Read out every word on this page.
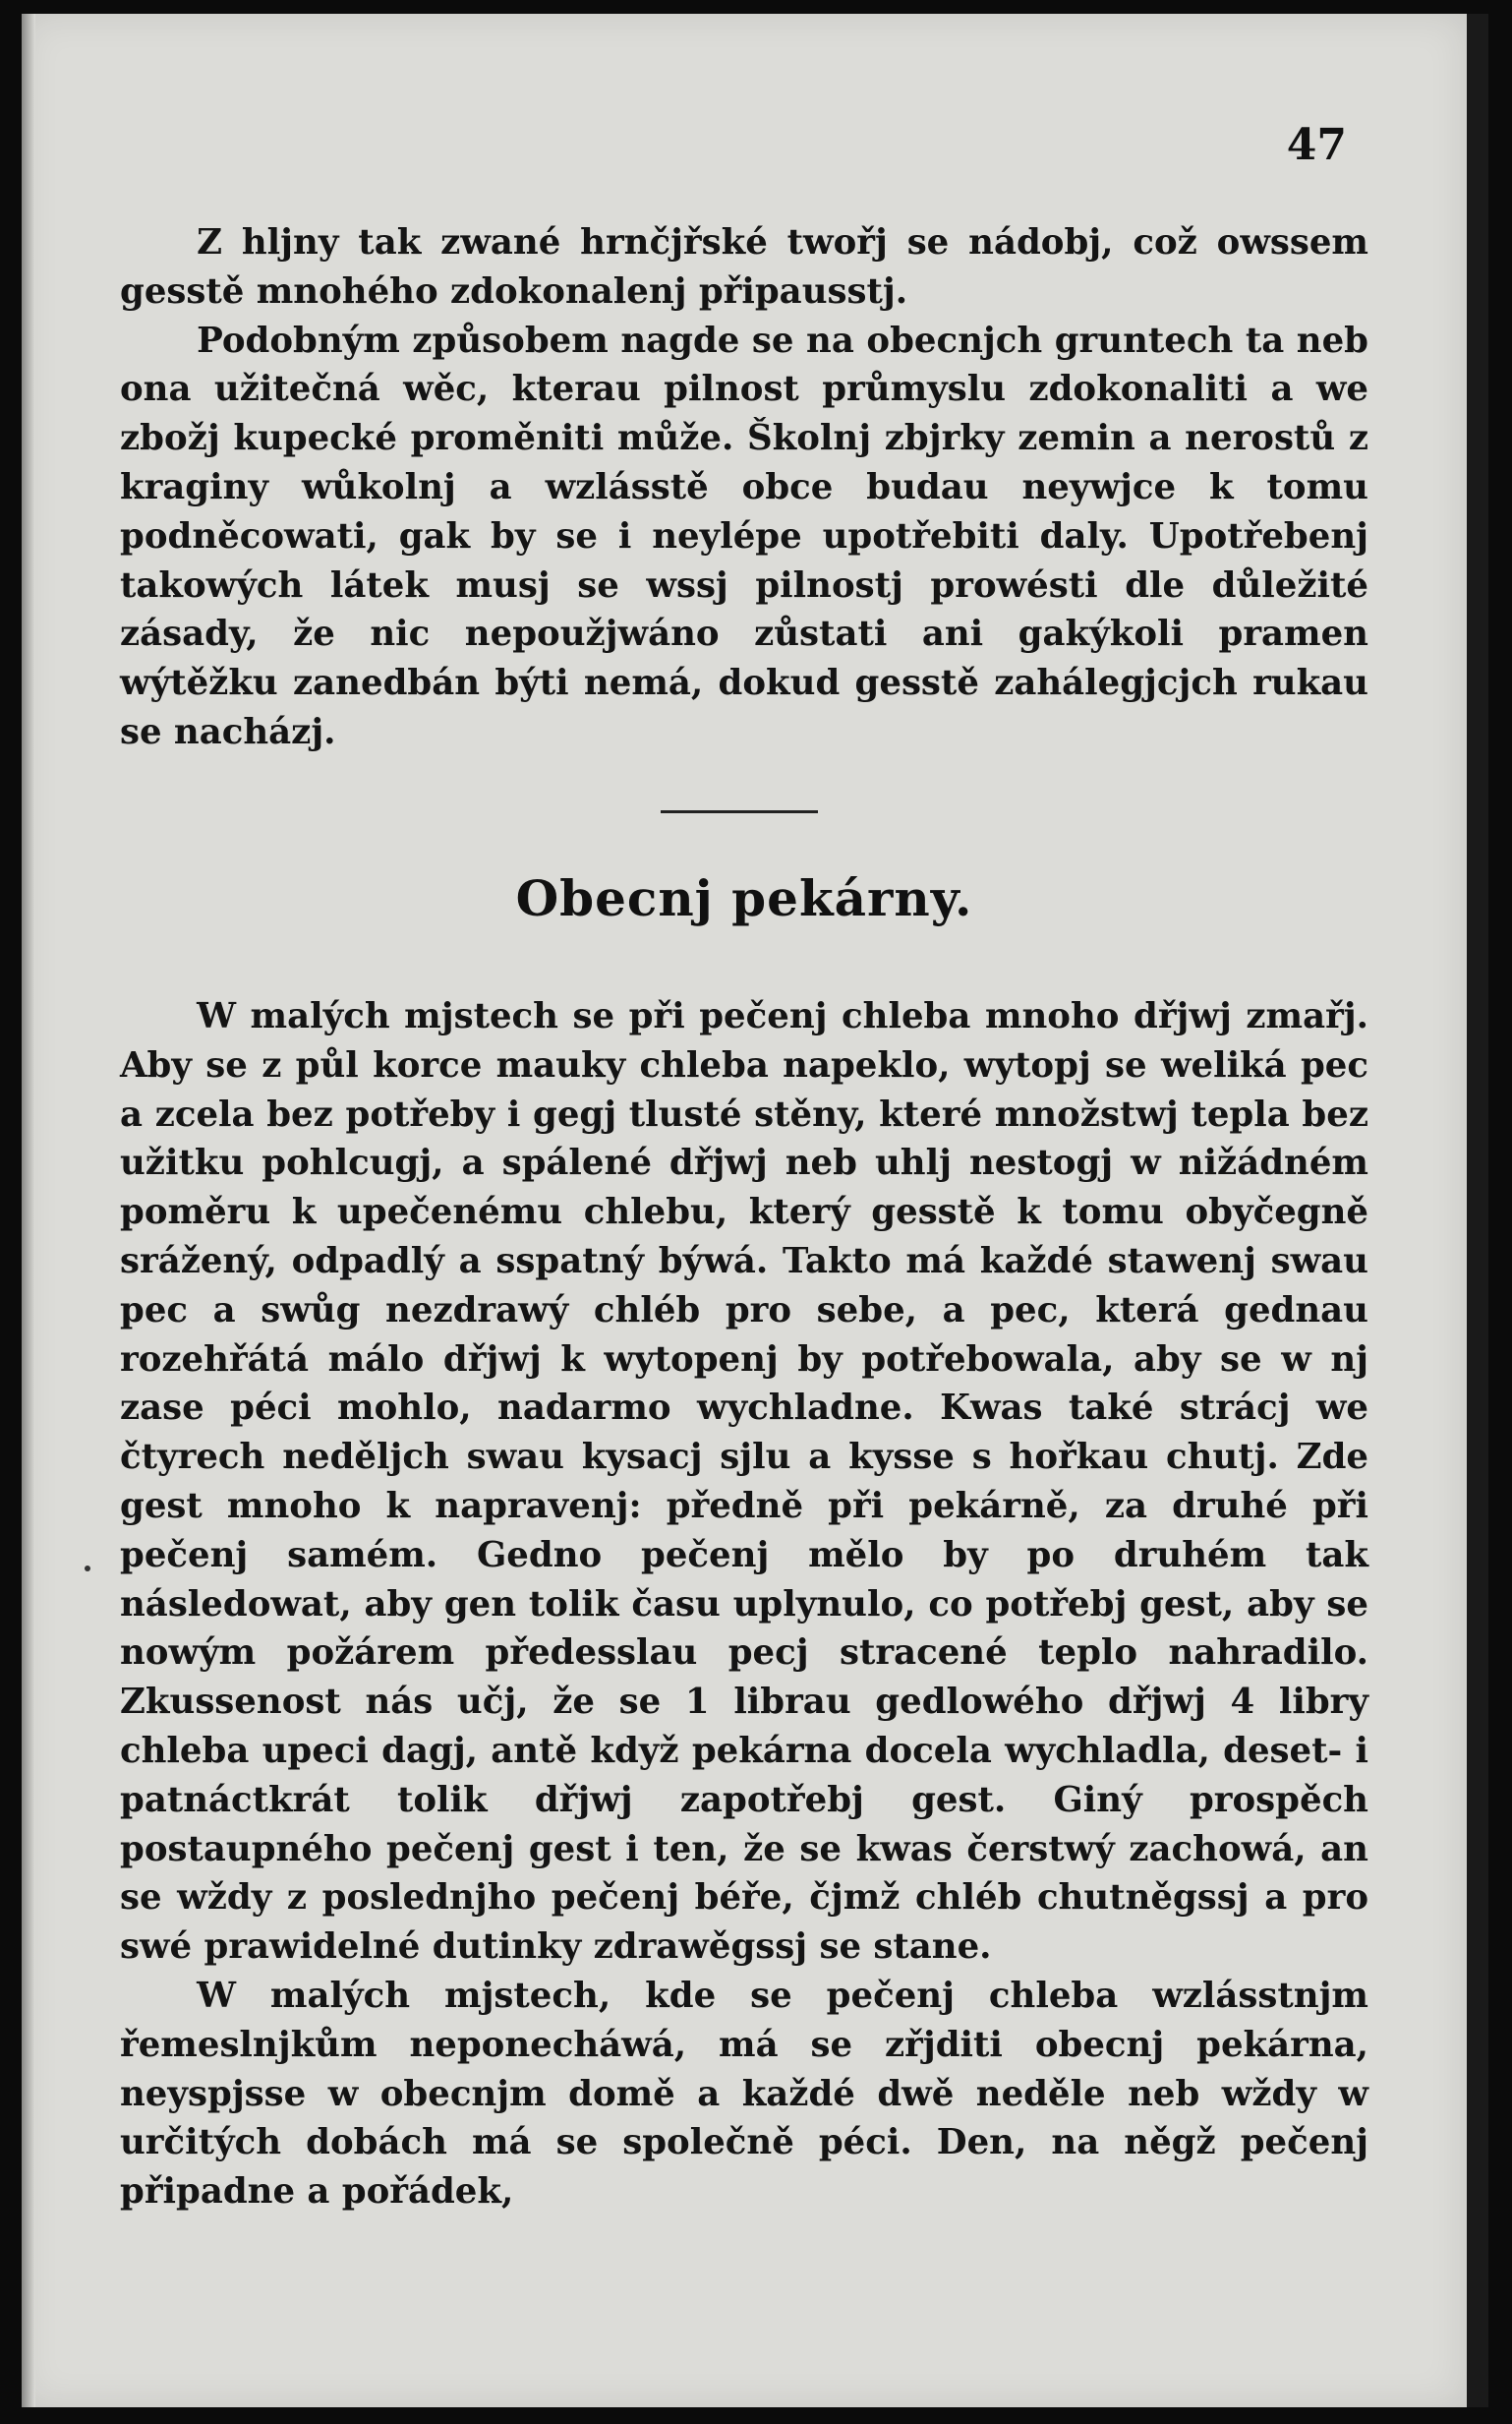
47

Z hljny tak zwané hrnčjřské twořj se nádobj, což owssem gesstě mnohého zdokonalenj připausstj.

Podobným způsobem nagde se na obecnjch gruntech ta neb ona užitečná wěc, kterau pilnost průmyslu zdokonaliti a we zbožj kupecké proměniti může. Školnj zbjrky zemin a nerostů z kraginy wůkolnj a wzlásstě obce budau neywjce k tomu podněcowati, gak by se i neylépe upotřebiti daly. Upotřebenj takowých látek musj se wssj pilnostj prowésti dle důležité zásady, že nic nepoužjwáno zůstati ani gakýkoli pramen wýtěžku zanedbán býti nemá, dokud gesstě zahálegjcjch rukau se nacházj.

Obecnj pekárny.

W malých mjstech se při pečenj chleba mnoho dřjwj zmařj. Aby se z půl korce mauky chleba napeklo, wytopj se weliká pec a zcela bez potřeby i gegj tlusté stěny, které množstwj tepla bez užitku pohlcugj, a spálené dřjwj neb uhlj nestogj w nižádném poměru k upečenému chlebu, který gesstě k tomu obyčegně srážený, odpadlý a sspatný býwá. Takto má každé stawenj swau pec a swůg nezdrawý chléb pro sebe, a pec, která gednau rozehřátá málo dřjwj k wytopenj by potřebowala, aby se w nj zase péci mohlo, nadarmo wychladne. Kwas také strácj we čtyrech neděljch swau kysacj sjlu a kysse s hořkau chutj. Zde gest mnoho k napravenj: předně při pekárně, za druhé při pečenj samém. Gedno pečenj mělo by po druhém tak následowat, aby gen tolik času uplynulo, co potřebj gest, aby se nowým požárem předesslau pecj stracené teplo nahradilo. Zkussenost nás učj, že se 1 librau gedlowého dřjwj 4 libry chleba upeci dagj, antě když pekárna docela wychladla, deset- i patnáctkrát tolik dřjwj zapotřebj gest. Giný prospěch postaupného pečenj gest i ten, že se kwas čerstwý zachowá, an se wždy z poslednjho pečenj béře, čjmž chléb chutněgssj a pro swé prawidelné dutinky zdrawěgssj se stane.

W malých mjstech, kde se pečenj chleba wzlásstnjm řemeslnjkům neponecháwá, má se zřjditi obecnj pekárna, neyspjsse w obecnjm domě a každé dwě neděle neb wždy w určitých dobách má se společně péci. Den, na něgž pečenj připadne a pořádek,
